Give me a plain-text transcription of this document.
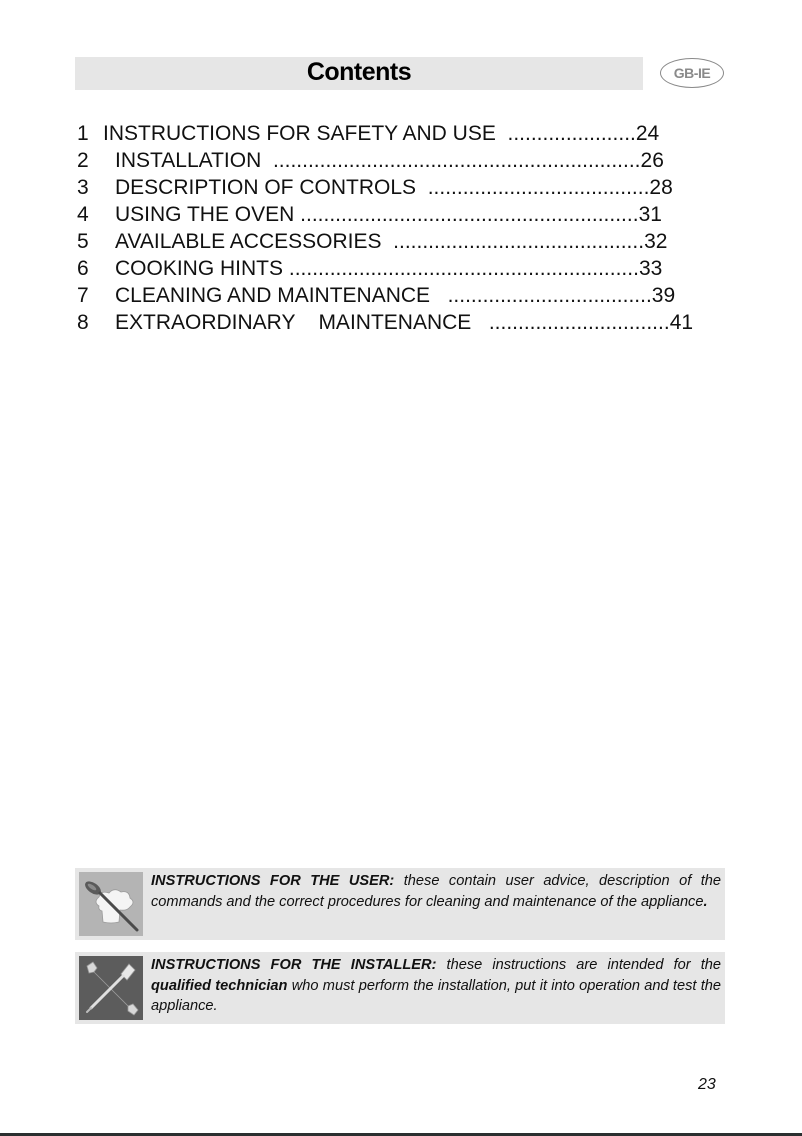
Contents	GB-IE
1 INSTRUCTIONS FOR SAFETY AND USE ......................24
2 INSTALLATION ...............................................................26
3 DESCRIPTION OF CONTROLS ......................................28
4 USING THE OVEN ..........................................................31
5 AVAILABLE ACCESSORIES ...........................................32
6 COOKING HINTS ............................................................33
7 CLEANING AND MAINTENANCE ...................................39
8 EXTRAORDINARY    MAINTENANCE ...............................41
INSTRUCTIONS FOR THE USER: these contain user advice, description of the commands and the correct procedures for cleaning and maintenance of the appliance.
INSTRUCTIONS FOR THE INSTALLER: these instructions are intended for the qualified technician who must perform the installation, put it into operation and test the appliance.
23
